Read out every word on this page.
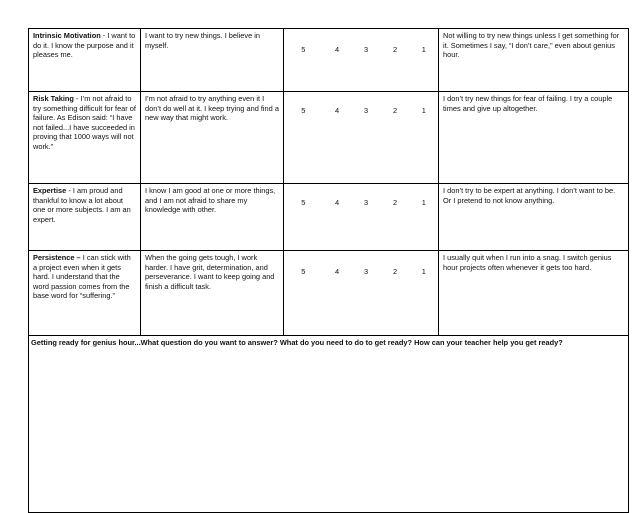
Intrinsic Motivation - I want to do it. I know the purpose and it pleases me.	I want to try new things. I believe in myself.	5	4	3	2	1	Not willing to try new things unless I get something for it. Sometimes I say, “I don’t care,” even about genius hour.
Risk Taking - I’m not afraid to try something difficult for fear of failure. As Edison said: “I have not failed...I have succeeded in proving that 1000 ways will not work.”	I’m not afraid to try anything even it I don’t do well at it. I keep trying and find a new way that might work.	5	4	3	2	1	I don’t try new things for fear of failing. I try a couple times and give up altogether.
Expertise - I am proud and thankful to know a lot about one or more subjects. I am an expert.	I know I am good at one or more things, and I am not afraid to share my knowledge with other.	5	4	3	2	1	I don’t try to be expert at anything. I don’t want to be. Or I pretend to not know anything.
Persistence – I can stick with a project even when it gets hard. I understand that the word passion comes from the base word for “suffering.”	When the going gets tough, I work harder. I have grit, determination, and perseverance. I want to keep going and finish a difficult task.	5	4	3	2	1	I usually quit when I run into a snag. I switch genius hour projects often whenever it gets too hard.
Getting ready for genius hour...What question do you want to answer? What do you need to do to get ready? How can your teacher help you get ready?							
